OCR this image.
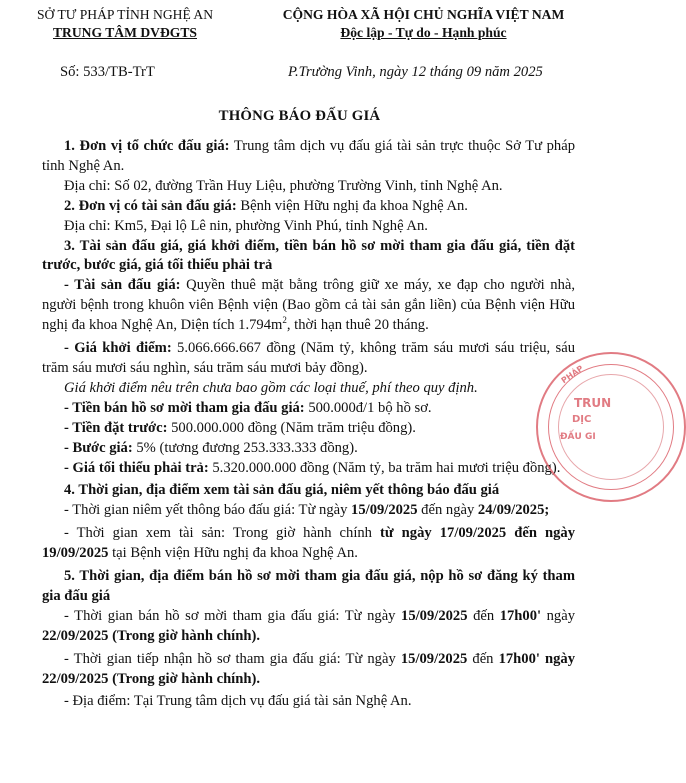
SỞ TƯ PHÁP TỈNH NGHỆ AN
TRUNG TÂM DVĐGTS
CỘNG HÒA XÃ HỘI CHỦ NGHĨA VIỆT NAM
Độc lập - Tự do - Hạnh phúc
Số: 533/TB-TrT	P.Trường Vinh, ngày 12 tháng 09 năm 2025
THÔNG BÁO ĐẤU GIÁ

1. Đơn vị tổ chức đấu giá: Trung tâm dịch vụ đấu giá tài sản trực thuộc Sở Tư pháp tỉnh Nghệ An.

Địa chỉ: Số 02, đường Trần Huy Liệu, phường Trường Vinh, tỉnh Nghệ An.

2. Đơn vị có tài sản đấu giá: Bệnh viện Hữu nghị đa khoa Nghệ An.

Địa chỉ: Km5, Đại lộ Lê nin, phường Vinh Phú, tỉnh Nghệ An.

3. Tài sản đấu giá, giá khởi điểm, tiền bán hồ sơ mời tham gia đấu giá, tiền đặt trước, bước giá, giá tối thiểu phải trả

- Tài sản đấu giá: Quyền thuê mặt bằng trông giữ xe máy, xe đạp cho người nhà, người bệnh trong khuôn viên Bệnh viện (Bao gồm cả tài sản gắn liền) của Bệnh viện Hữu nghị đa khoa Nghệ An, Diện tích $1.794m^2$, thời hạn thuê 20 tháng.

- Giá khởi điểm: 5.066.666.667 đồng (Năm tỷ, không trăm sáu mươi sáu triệu, sáu trăm sáu mươi sáu nghìn, sáu trăm sáu mươi bảy đồng).

Giá khởi điểm nêu trên chưa bao gồm các loại thuế, phí theo quy định.

- Tiền bán hồ sơ mời tham gia đấu giá: 500.000đ/1 bộ hồ sơ.

- Tiền đặt trước: 500.000.000 đồng (Năm trăm triệu đồng).

- Bước giá: 5% (tương đương 253.333.333 đồng).

- Giá tối thiểu phải trả: 5.320.000.000 đồng (Năm tỷ, ba trăm hai mươi triệu đồng).

4. Thời gian, địa điểm xem tài sản đấu giá, niêm yết thông báo đấu giá

- Thời gian niêm yết thông báo đấu giá: Từ ngày 15/09/2025 đến ngày 24/09/2025;

- Thời gian xem tài sản: Trong giờ hành chính từ ngày 17/09/2025 đến ngày 19/09/2025 tại Bệnh viện Hữu nghị đa khoa Nghệ An.

5. Thời gian, địa điểm bán hồ sơ mời tham gia đấu giá, nộp hồ sơ đăng ký tham gia đấu giá

- Thời gian bán hồ sơ mời tham gia đấu giá: Từ ngày 15/09/2025 đến 17h00' ngày 22/09/2025 (Trong giờ hành chính).

- Thời gian tiếp nhận hồ sơ tham gia đấu giá: Từ ngày 15/09/2025 đến 17h00' ngày 22/09/2025 (Trong giờ hành chính).

- Địa điểm: Tại Trung tâm dịch vụ đấu giá tài sản Nghệ An.

PHÁP
TRUN
DỊC
ĐẤU GI
